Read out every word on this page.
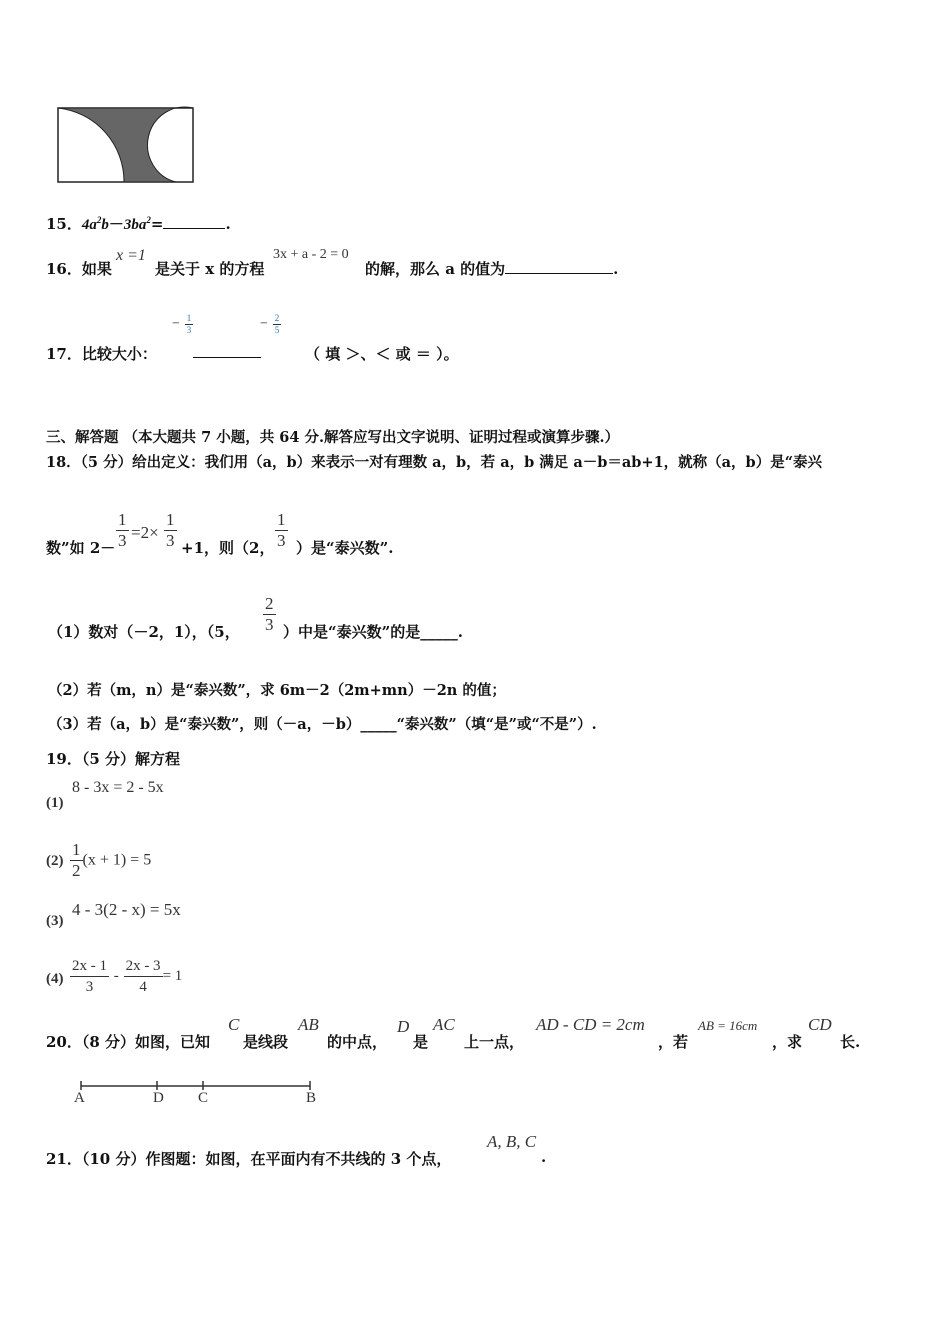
15．$4a^2b-3ba^2=$	.
16．如果
x =1
是关于 x 的方程
3x + a - 2 = 0
的解，那么 a 的值为	.
17．比较大小：
− $\frac{1}{3}$	− $\frac{2}{5}$
（ 填 ＞、＜ 或 ＝ ）。
三、解答题 （本大题共 7 小题，共 64 分.解答应写出文字说明、证明过程或演算步骤.）
18．（5 分）给出定义：我们用（a，b）来表示一对有理数 a，b，若 a，b 满足 a－b＝ab+1，就称（a，b）是“泰兴
数”如 $2- \frac{1}{3} =2\times \frac{1}{3} +1$，则（2， $\frac{1}{3}$ ）是“泰兴数”.
（1）数对（－2，1），（5， $\frac{2}{3}$ ）中是“泰兴数”的是_____.
（2）若（m，n）是“泰兴数”，求 6m－2（2m+mn）－2n 的值；
（3）若（a，b）是“泰兴数”，则（－a，－b）_____“泰兴数”（填“是”或“不是”）.
19．（5 分）解方程
(1)
8 - 3x = 2 - 5x
$(2) \frac{1}{2} (x + 1) = 5$
(3)
4 - 3(2 - x) = 5x
$(4) \frac{2x - 1}{3} - \frac{2x - 3}{4} = 1$
20．（8 分）如图，已知
C
是线段
AB
的中点，
D
是
AC
上一点，
AD - CD = 2cm
，若
AB = 16cm
，求
CD
长.
A	D C	B
21．（10 分）作图题：如图，在平面内有不共线的 3 个点，
A, B, C
.
